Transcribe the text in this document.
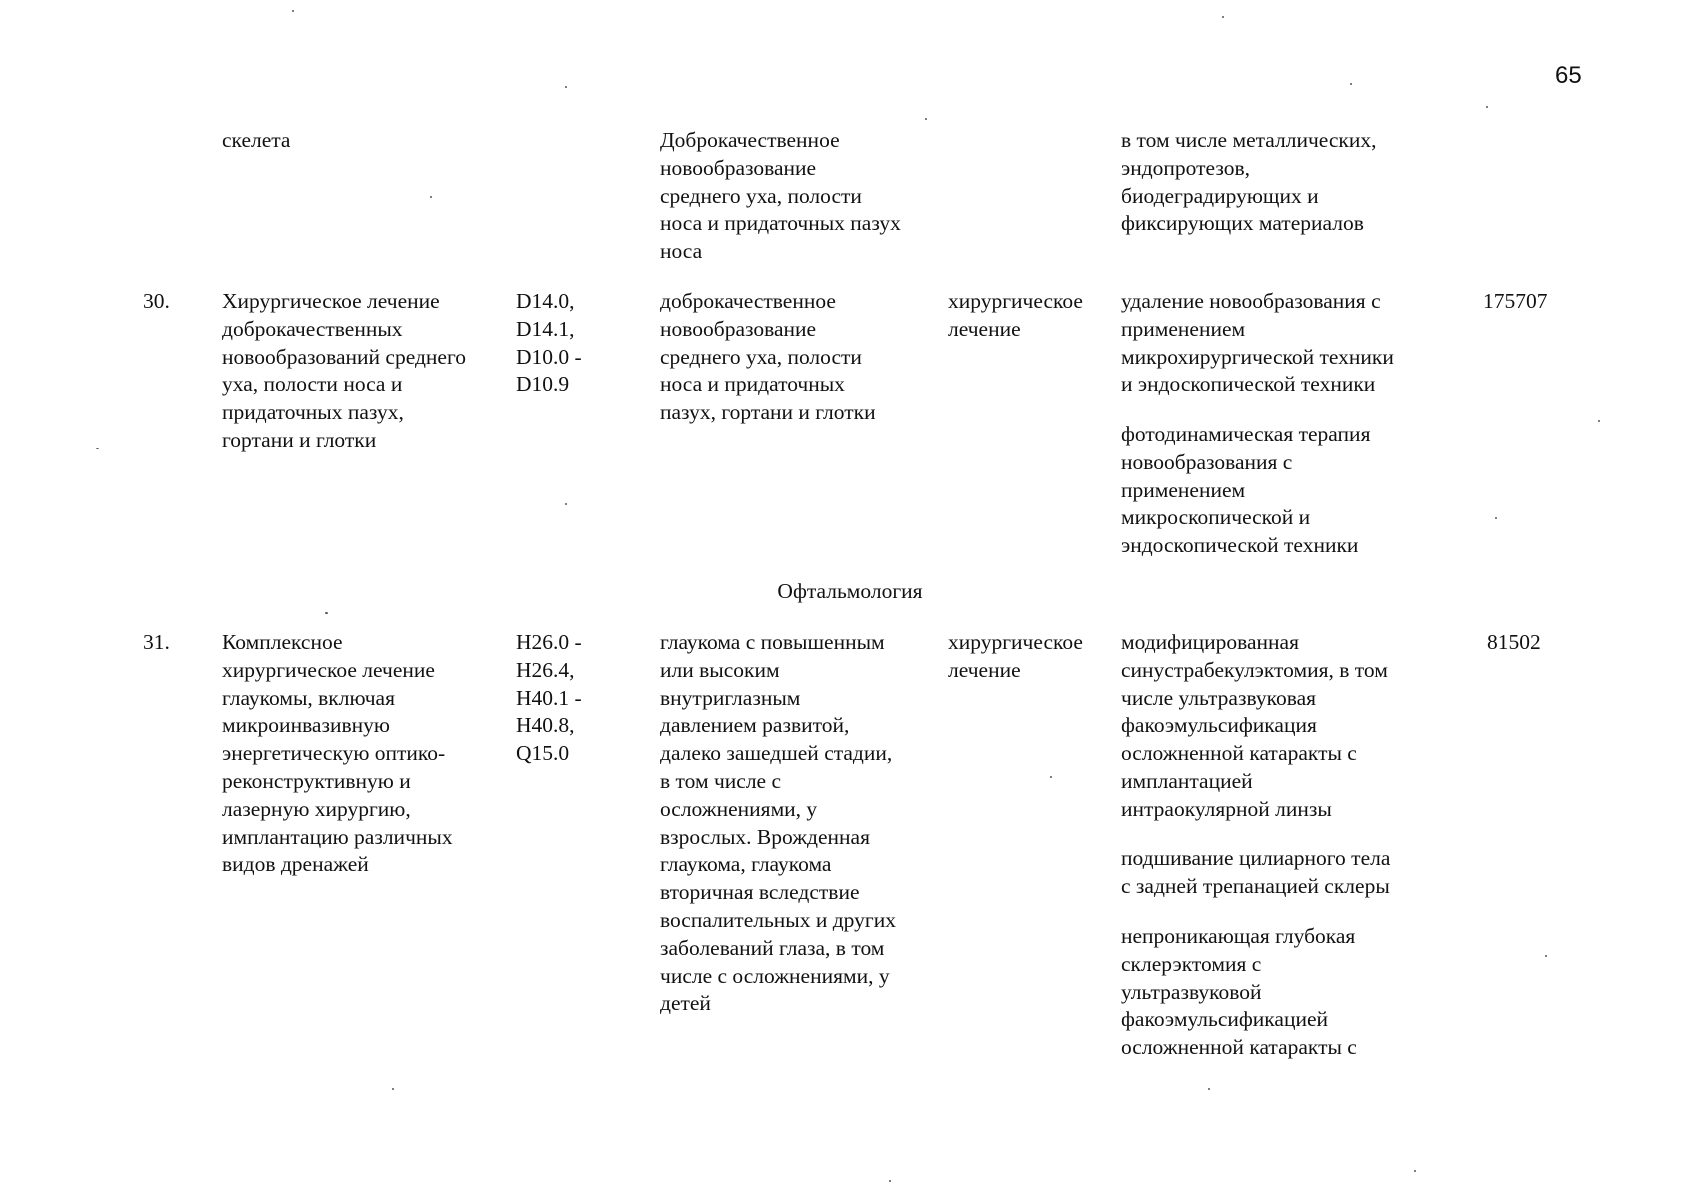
65
скелета	Доброкачественное
новообразование
среднего уха, полости
носа и придаточных пазух
носа
в том числе металлических,
эндопротезов,
биодеградирующих и
фиксирующих материалов
30. Хирургическое лечение
доброкачественных
новообразований среднего
уха, полости носа и
придаточных пазух,
гортани и глотки
D14.0,
D14.1,
D10.0 -
D10.9
доброкачественное
новообразование
среднего уха, полости
носа и придаточных
пазух, гортани и глотки
хирургическое
лечение
удаление новообразования с
применением
микрохирургической техники
и эндоскопической техники
фотодинамическая терапия
новообразования с
применением
микроскопической и
эндоскопической техники
175707
Офтальмология
31. Комплексное
хирургическое лечение
глаукомы, включая
микроинвазивную
энергетическую оптико-
реконструктивную и
лазерную хирургию,
имплантацию различных
видов дренажей
H26.0 -
H26.4,
H40.1 -
H40.8,
Q15.0
глаукома с повышенным
или высоким
внутриглазным
давлением развитой,
далеко зашедшей стадии,
в том числе с
осложнениями, у
взрослых. Врожденная
глаукома, глаукома
вторичная вследствие
воспалительных и других
заболеваний глаза, в том
числе с осложнениями, у
детей
хирургическое
лечение
модифицированная
синустрабекулэктомия, в том
числе ультразвуковая
факоэмульсификация
осложненной катаракты с
имплантацией
интраокулярной линзы
подшивание цилиарного тела
с задней трепанацией склеры
непроникающая глубокая
склерэктомия с
ультразвуковой
факоэмульсификацией
осложненной катаракты с
81502
